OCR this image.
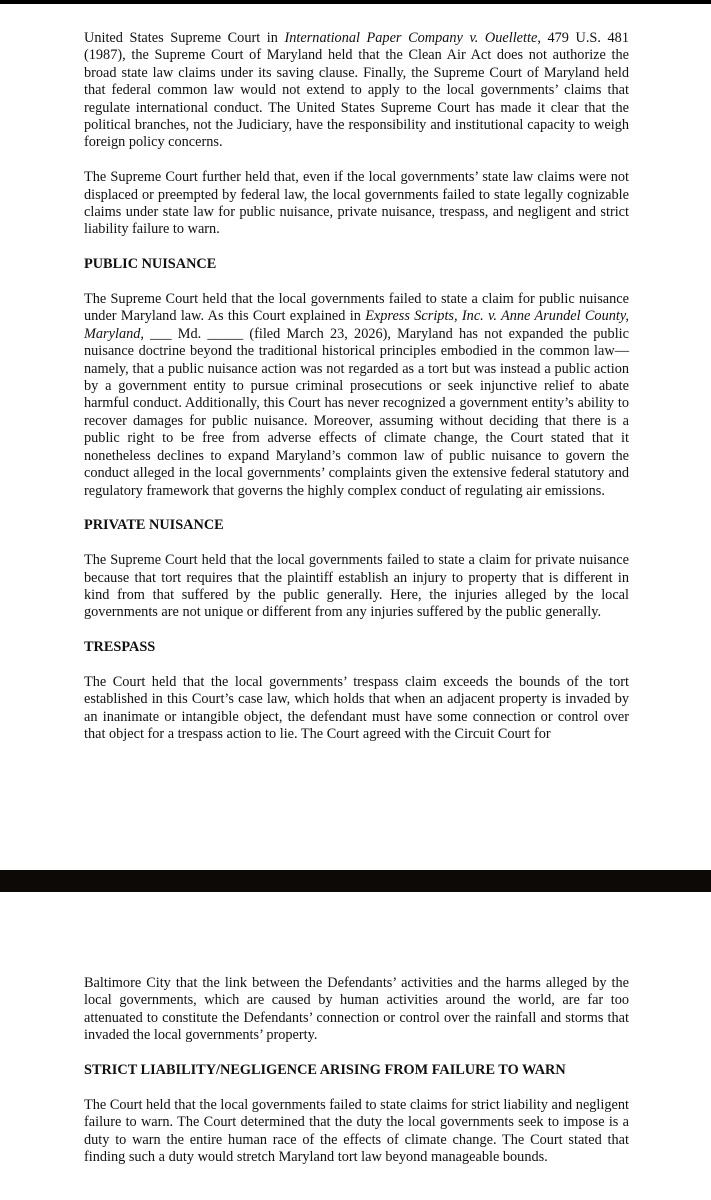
United States Supreme Court in International Paper Company v. Ouellette, 479 U.S. 481 (1987), the Supreme Court of Maryland held that the Clean Air Act does not authorize the broad state law claims under its saving clause. Finally, the Supreme Court of Maryland held that federal common law would not extend to apply to the local governments’ claims that regulate international conduct. The United States Supreme Court has made it clear that the political branches, not the Judiciary, have the responsibility and institutional capacity to weigh foreign policy concerns.

The Supreme Court further held that, even if the local governments’ state law claims were not displaced or preempted by federal law, the local governments failed to state legally cognizable claims under state law for public nuisance, private nuisance, trespass, and negligent and strict liability failure to warn.

PUBLIC NUISANCE

The Supreme Court held that the local governments failed to state a claim for public nuisance under Maryland law. As this Court explained in Express Scripts, Inc. v. Anne Arundel County, Maryland, ___ Md. _____ (filed March 23, 2026), Maryland has not expanded the public nuisance doctrine beyond the traditional historical principles embodied in the common law—namely, that a public nuisance action was not regarded as a tort but was instead a public action by a government entity to pursue criminal prosecutions or seek injunctive relief to abate harmful conduct. Additionally, this Court has never recognized a government entity’s ability to recover damages for public nuisance. Moreover, assuming without deciding that there is a public right to be free from adverse effects of climate change, the Court stated that it nonetheless declines to expand Maryland’s common law of public nuisance to govern the conduct alleged in the local governments’ complaints given the extensive federal statutory and regulatory framework that governs the highly complex conduct of regulating air emissions.

PRIVATE NUISANCE

The Supreme Court held that the local governments failed to state a claim for private nuisance because that tort requires that the plaintiff establish an injury to property that is different in kind from that suffered by the public generally. Here, the injuries alleged by the local governments are not unique or different from any injuries suffered by the public generally.

TRESPASS

The Court held that the local governments’ trespass claim exceeds the bounds of the tort established in this Court’s case law, which holds that when an adjacent property is invaded by an inanimate or intangible object, the defendant must have some connection or control over that object for a trespass action to lie. The Court agreed with the Circuit Court for

Baltimore City that the link between the Defendants’ activities and the harms alleged by the local governments, which are caused by human activities around the world, are far too attenuated to constitute the Defendants’ connection or control over the rainfall and storms that invaded the local governments’ property.

STRICT LIABILITY/NEGLIGENCE ARISING FROM FAILURE TO WARN

The Court held that the local governments failed to state claims for strict liability and negligent failure to warn. The Court determined that the duty the local governments seek to impose is a duty to warn the entire human race of the effects of climate change. The Court stated that finding such a duty would stretch Maryland tort law beyond manageable bounds.
